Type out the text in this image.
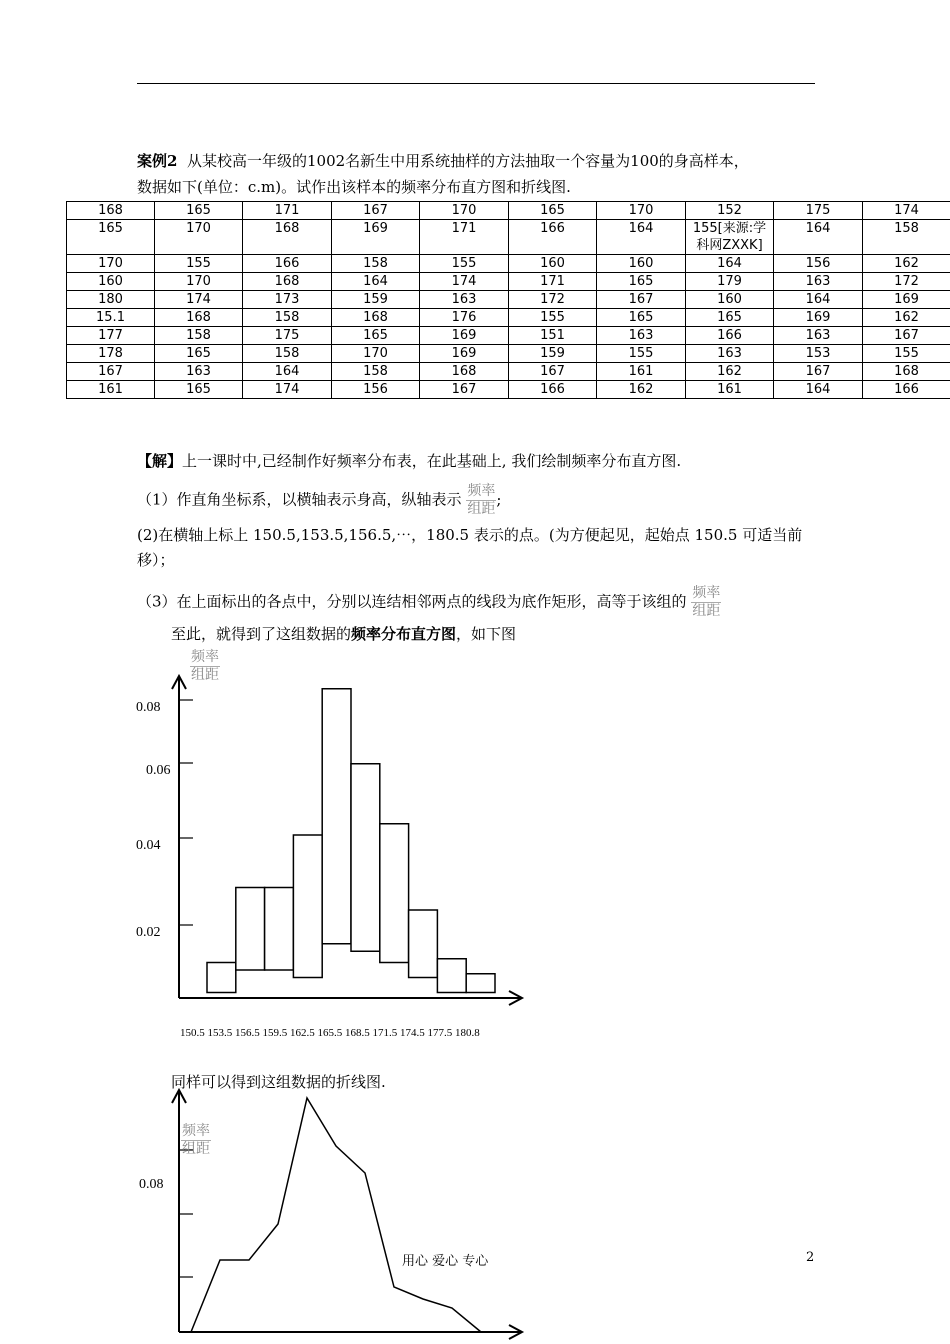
案例2 从某校高一年级的1002名新生中用系统抽样的方法抽取一个容量为100的身高样本，
数据如下(单位：c.m)。试作出该样本的频率分布直方图和折线图.
168	165	171	167	170	165	170	152	175	174
165	170	168	169	171	166	164	155[来源:学科网ZXXK]	164	158
170	155	166	158	155	160	160	164	156	162
160	170	168	164	174	171	165	179	163	172
180	174	173	159	163	172	167	160	164	169
15.1	168	158	168	176	155	165	165	169	162
177	158	175	165	169	151	163	166	163	167
178	165	158	170	169	159	155	163	153	155
167	163	164	158	168	167	161	162	167	168
161	165	174	156	167	166	162	161	164	166
【解】上一课时中,已经制作好频率分布表，在此基础上, 我们绘制频率分布直方图.
（1）作直角坐标系，以横轴表示身高，纵轴表示 $\frac{\text{频率}}{\text{组距}}$ ;
(2)在横轴上标上 150.5,153.5,156.5,⋯，180.5 表示的点。(为方便起见，起始点 150.5 可适当前
移）；
（3）在上面标出的各点中，分别以连结相邻两点的线段为底作矩形，高等于该组的 $\frac{\text{频率}}{\text{组距}}$
至此，就得到了这组数据的频率分布直方图，如下图
$\frac{\text{频率}}{\text{组距}}$
0.08
0.06
0.04
0.02
150.5 153.5 156.5 159.5 162.5 165.5 168.5 171.5 174.5 177.5 180.8
0.08
同样可以得到这组数据的折线图.
$\frac{\text{频率}}{\text{组距}}$
用心 爱心 专心	2
